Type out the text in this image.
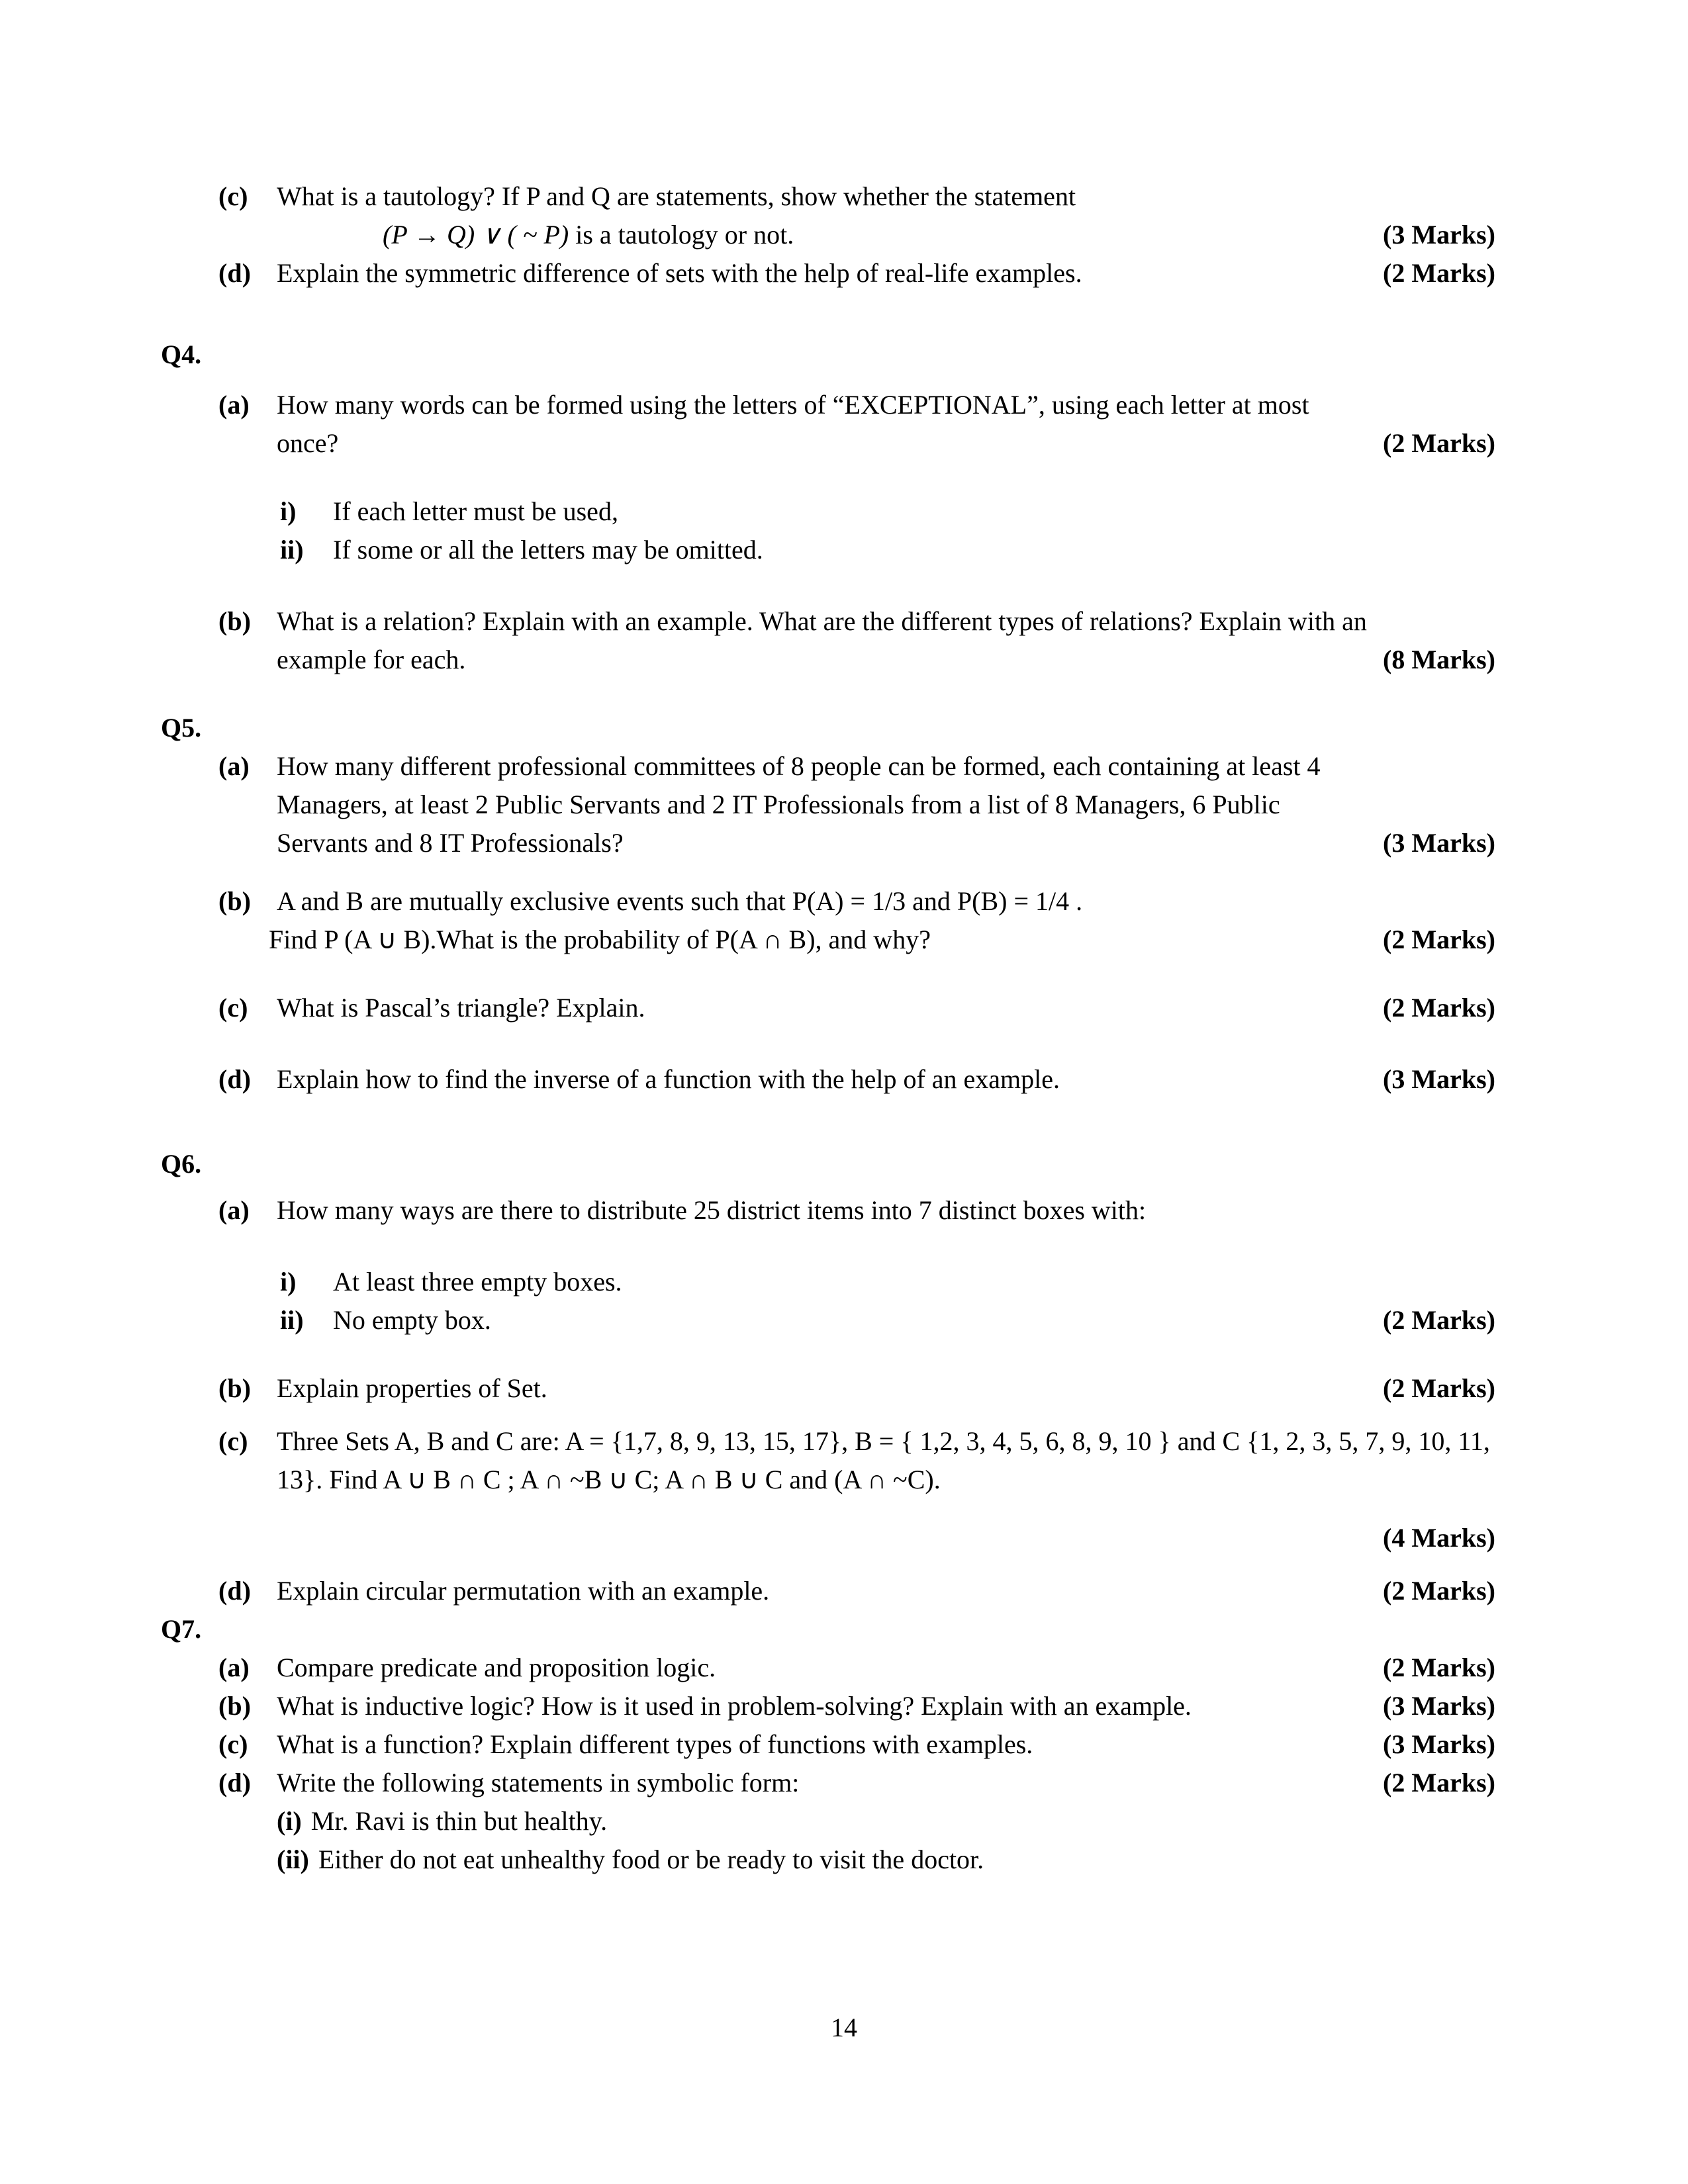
(c)	What is a tautology? If P and Q are statements, show whether the statement
(P → Q) ∨ ( ~ P) is a tautology or not.	(3 Marks)
(d) Explain the symmetric difference of sets with the help of real-life examples.	(2 Marks)
Q4.
(a)	How many words can be formed using the letters of “EXCEPTIONAL”, using each letter at most once?	(2 Marks)
i)	If each letter must be used,
ii)	If some or all the letters may be omitted.
(b) What is a relation? Explain with an example. What are the different types of relations? Explain with an example for each.	(8 Marks)
Q5.
(a)	How many different professional committees of 8 people can be formed, each containing at least 4 Managers, at least 2 Public Servants and 2 IT Professionals from a list of 8 Managers, 6 Public Servants and 8 IT Professionals?	(3 Marks)
(b) A and B are mutually exclusive events such that P(A) = 1/3 and P(B) = 1/4 .
Find P (A ∪ B).What is the probability of P(A ∩ B), and why?	(2 Marks)
(c)	What is Pascal’s triangle? Explain.	(2 Marks)
(d) Explain how to find the inverse of a function with the help of an example.	(3 Marks)
Q6.
(a)	How many ways are there to distribute 25 district items into 7 distinct boxes with:
i)	At least three empty boxes.
ii)	No empty box.	(2 Marks)
(b) Explain properties of Set.	(2 Marks)
(c)	Three Sets A, B and C are: A = {1,7, 8, 9, 13, 15, 17}, B = { 1,2, 3, 4, 5, 6, 8, 9, 10 } and C {1, 2, 3, 5, 7, 9, 10, 11, 13}. Find A ∪ B ∩ C ; A ∩ ~B ∪ C; A ∩ B ∪ C and (A ∩ ~C).
(4 Marks)
(d) Explain circular permutation with an example.	(2 Marks)
Q7.
(a)	Compare predicate and proposition logic.	(2 Marks)
(b) What is inductive logic? How is it used in problem-solving? Explain with an example.	(3 Marks)
(c)	What is a function? Explain different types of functions with examples.	(3 Marks)
(d) Write the following statements in symbolic form:	(2 Marks)
(i) Mr. Ravi is thin but healthy.
(ii) Either do not eat unhealthy food or be ready to visit the doctor.
14
